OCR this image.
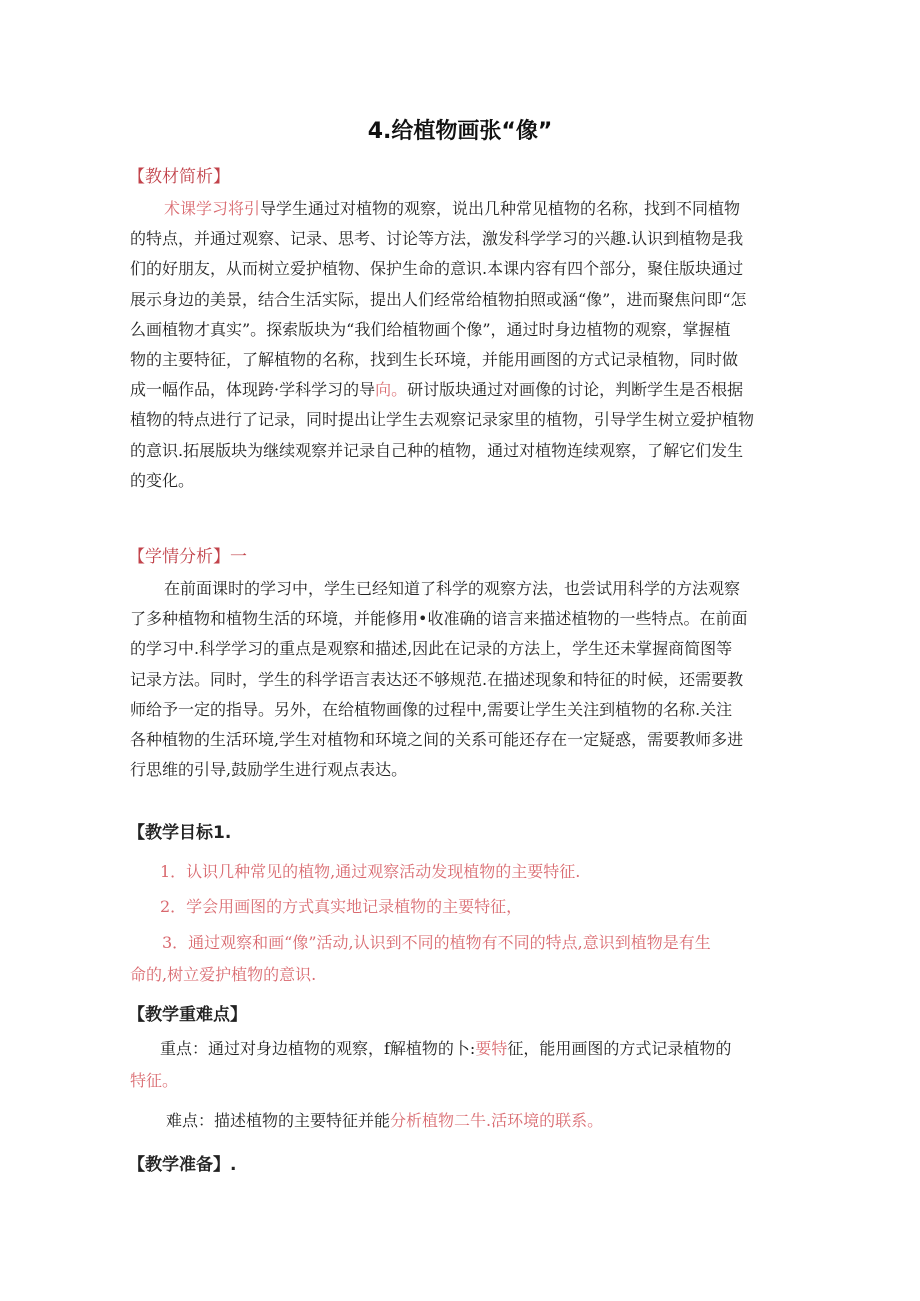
4.给植物画张“像”
【教材简析】
术课学习将引导学生通过对植物的观察，说出几种常见植物的名称，找到不同植物
的特点，并通过观察、记录、思考、讨论等方法，激发科学学习的兴趣.认识到植物是我
们的好朋友，从而树立爱护植物、保护生命的意识.本课内容有四个部分，聚住版块通过
展示身边的美景，结合生活实际，提出人们经常给植物拍照或涵“像”，进而聚焦问即“怎
么画植物才真实”。探索版块为“我们给植物画个像”，通过时身边植物的观察，掌握植
物的主要特征，了解植物的名称，找到生长环境，并能用画图的方式记录植物，同时做
成一幅作品，体现跨·学科学习的导向。研讨版块通过对画像的讨论，判断学生是否根据
植物的特点进行了记录，同时提出让学生去观察记录家里的植物，引导学生树立爱护植物
的意识.拓展版块为继续观察并记录自己种的植物，通过对植物连续观察，了解它们发生
的变化。
【学情分析】一
在前面课时的学习中，学生已经知道了科学的观察方法，也尝试用科学的方法观察
了多种植物和植物生活的环境，并能修用•收准确的谙言来描述植物的一些特点。在前面
的学习中.科学学习的重点是观察和描述,因此在记录的方法上，学生还未掌握商简图等
记录方法。同时，学生的科学语言表达还不够规范.在描述现象和特征的时候，还需要教
师给予一定的指导。另外，在给植物画像的过程中,需要让学生关注到植物的名称.关注
各种植物的生活环境,学生对植物和环境之间的关系可能还存在一定疑惑，需要教师多进
行思维的引导,鼓励学生进行观点表达。
【教学目标1.
1．认识几种常见的植物,通过观察活动发现植物的主要特征.
2．学会用画图的方式真实地记录植物的主要特征，
3．通过观察和画“像”活动,认识到不同的植物有不同的特点,意识到植物是有生
命的,树立爱护植物的意识.
【教学重难点】
重点：通过对身边植物的观察，f解植物的卜:要特征，能用画图的方式记录植物的
特征。
难点：描述植物的主要特征并能分析植物二牛.活环境的联系。
【教学准备】.
